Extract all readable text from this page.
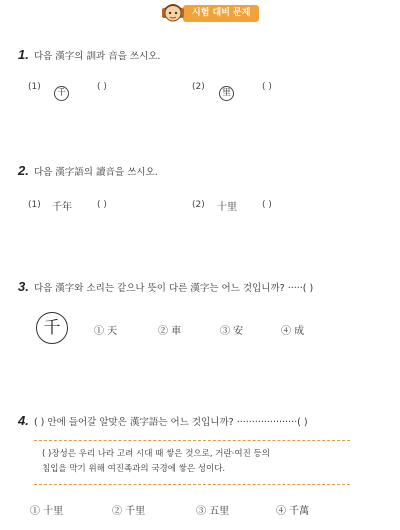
시험 대비 문제
1. 다음 漢字의 訓과 音을 쓰시오.
(1)
千
( )	(2)
里
( )
2. 다음 漢字語의 讀音을 쓰시오.
(1) 千年	( )	(2) 十里	( )
3. 다음 漢字와 소리는 같으나 뜻이 다른 漢字는 어느 것입니까? ·····( )
千	① 天	② 車	③ 安	④ 成
4. ( ) 안에 들어갈 알맞은 漢字語는 어느 것입니까? ····················( )
( )장성은 우리 나라 고려 시대 때 쌓은 것으로, 거란·여진 등의
침입을 막기 위해 여진족과의 국경에 쌓은 성이다.
① 十里	② 千里	③ 五里	④ 千萬
